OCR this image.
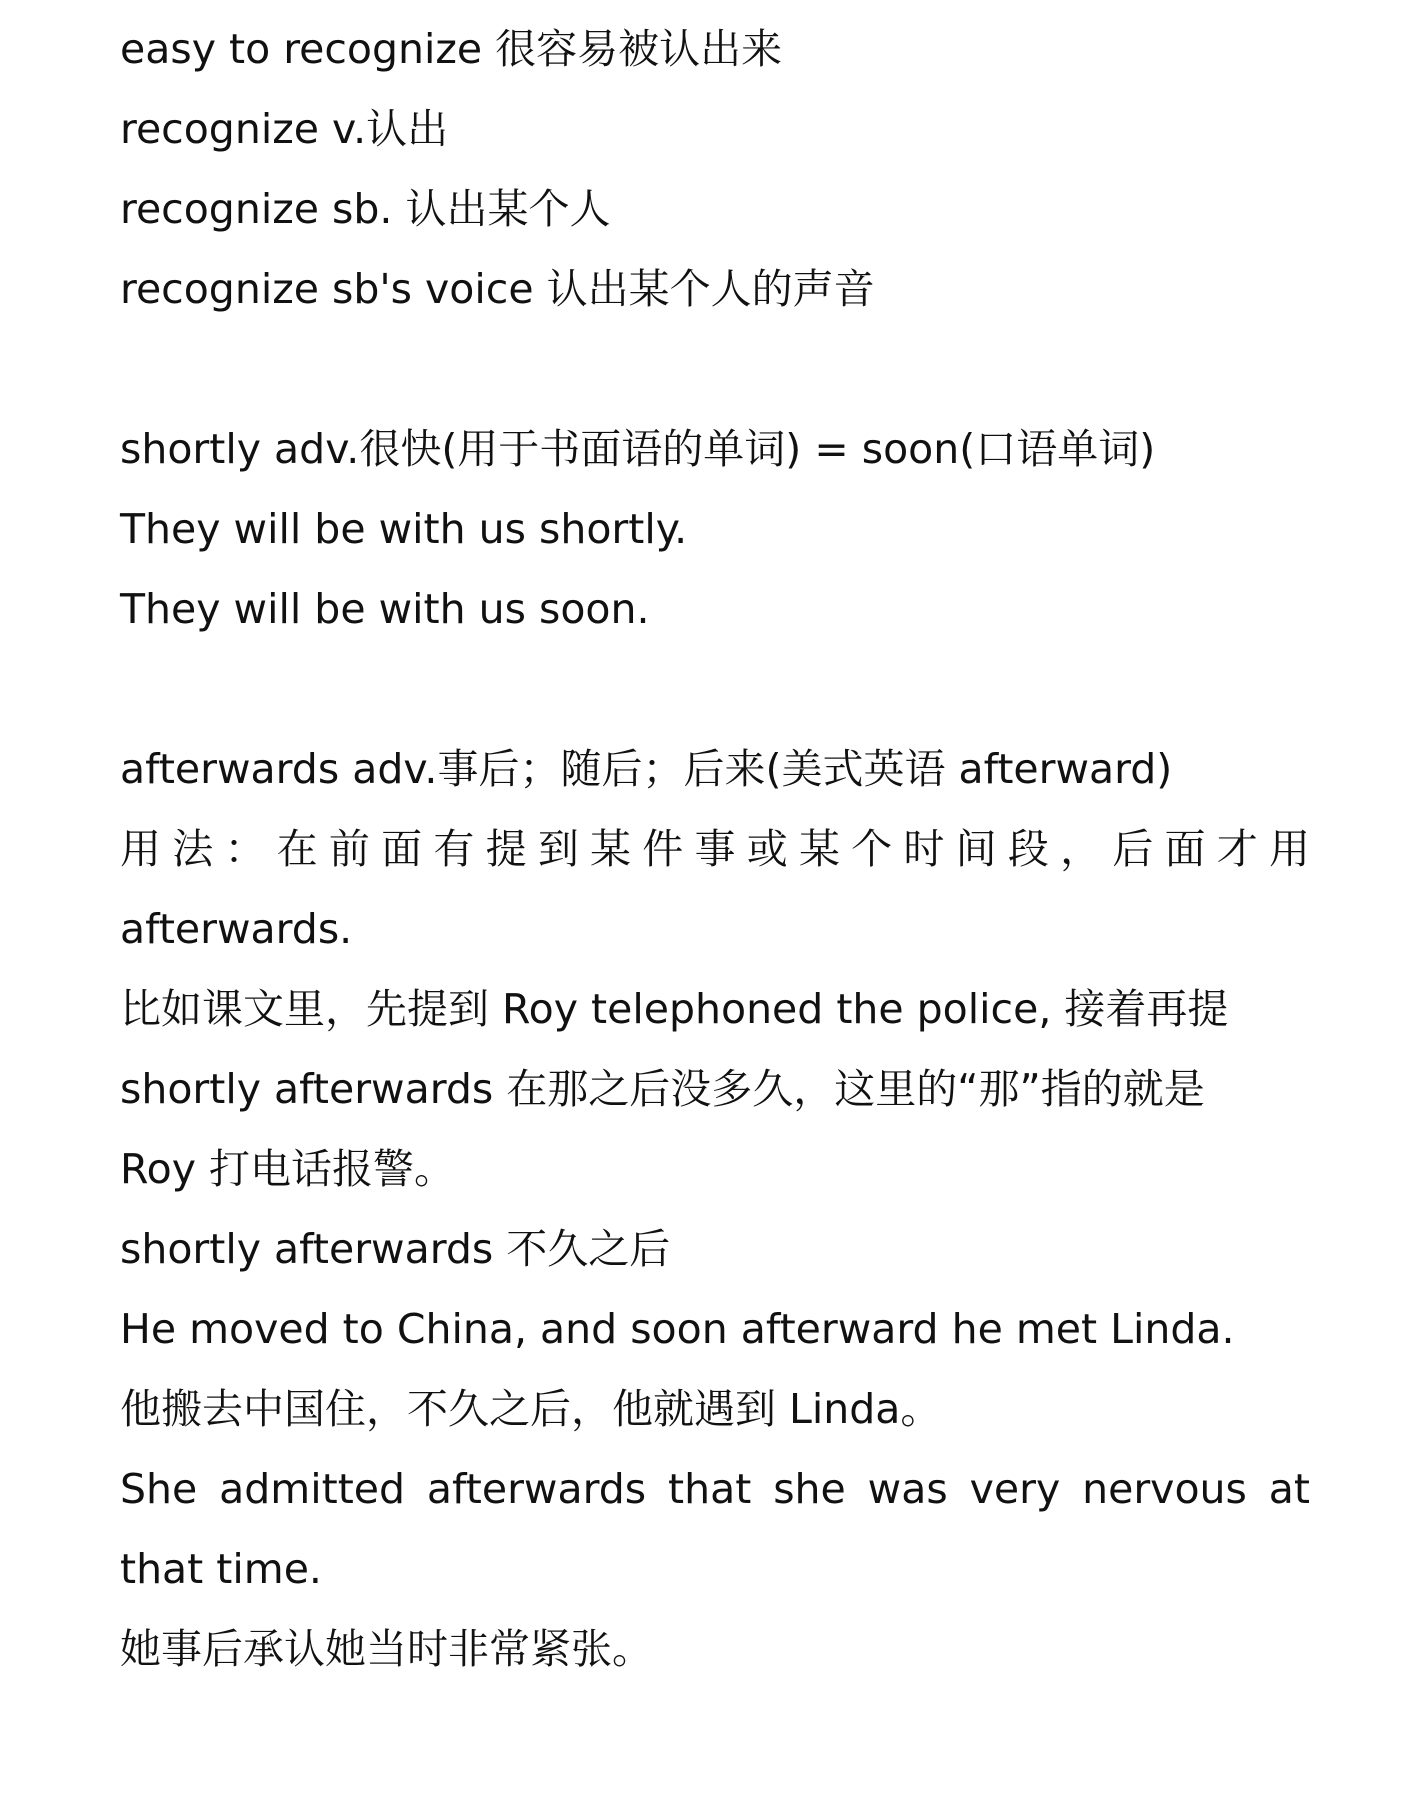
easy to recognize 很容易被认出来
recognize v.认出
recognize sb. 认出某个人
recognize sb's voice 认出某个人的声音
shortly adv.很快(用于书面语的单词) = soon(口语单词)
They will be with us shortly.
They will be with us soon.
afterwards adv.事后；随后；后来(美式英语 afterward)
用法：在前面有提到某件事或某个时间段，后面才用
afterwards.
比如课文里，先提到 Roy telephoned the police, 接着再提
shortly afterwards 在那之后没多久，这里的“那”指的就是
Roy 打电话报警。
shortly afterwards 不久之后
He moved to China, and soon afterward he met Linda.
他搬去中国住，不久之后，他就遇到 Linda。
She admitted afterwards that she was very nervous at
that time.
她事后承认她当时非常紧张。
